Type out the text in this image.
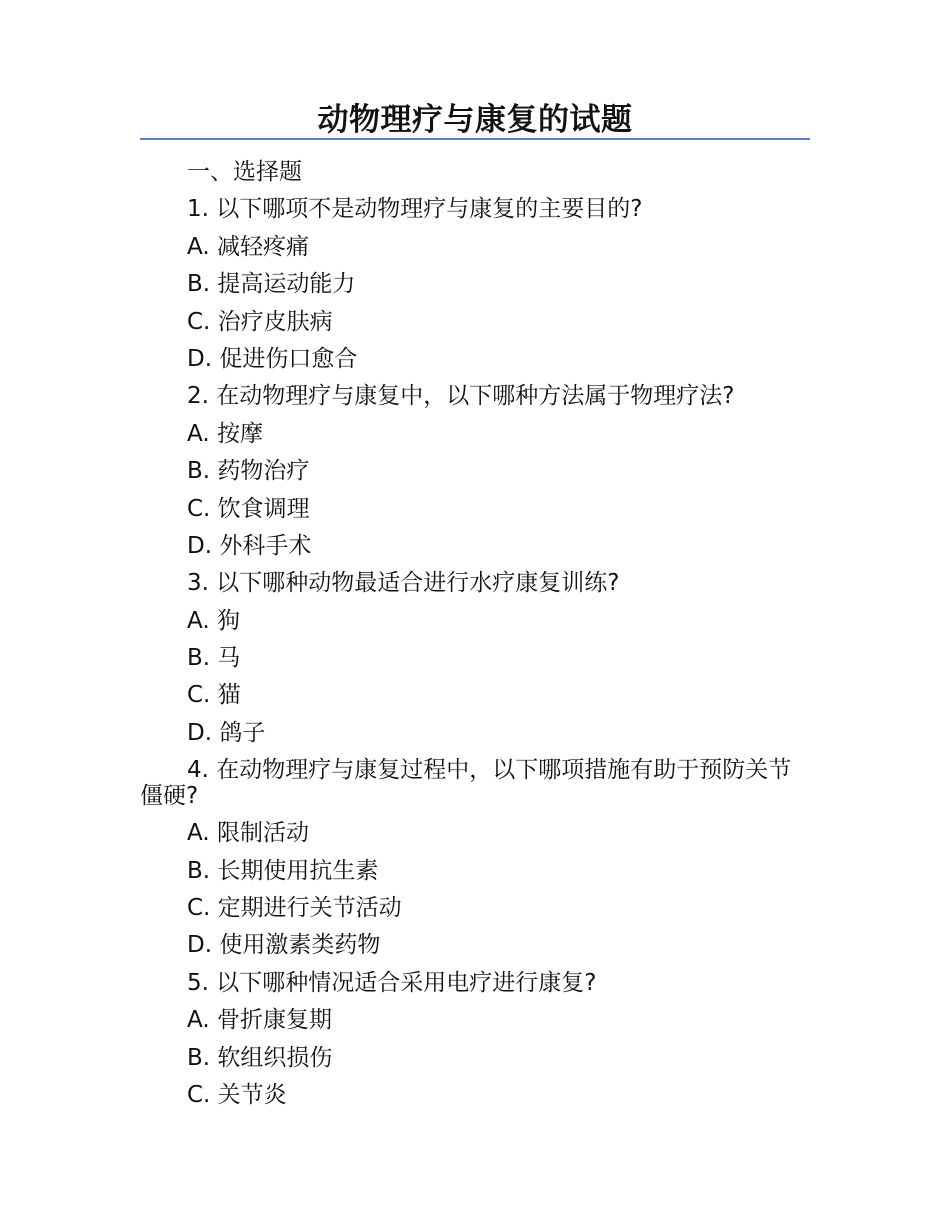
动物理疗与康复的试题
一、选择题
1. 以下哪项不是动物理疗与康复的主要目的?
A. 减轻疼痛
B. 提高运动能力
C. 治疗皮肤病
D. 促进伤口愈合
2. 在动物理疗与康复中，以下哪种方法属于物理疗法?
A. 按摩
B. 药物治疗
C. 饮食调理
D. 外科手术
3. 以下哪种动物最适合进行水疗康复训练?
A. 狗
B. 马
C. 猫
D. 鸽子
4. 在动物理疗与康复过程中，以下哪项措施有助于预防关节僵硬?
A. 限制活动
B. 长期使用抗生素
C. 定期进行关节活动
D. 使用激素类药物
5. 以下哪种情况适合采用电疗进行康复?
A. 骨折康复期
B. 软组织损伤
C. 关节炎
